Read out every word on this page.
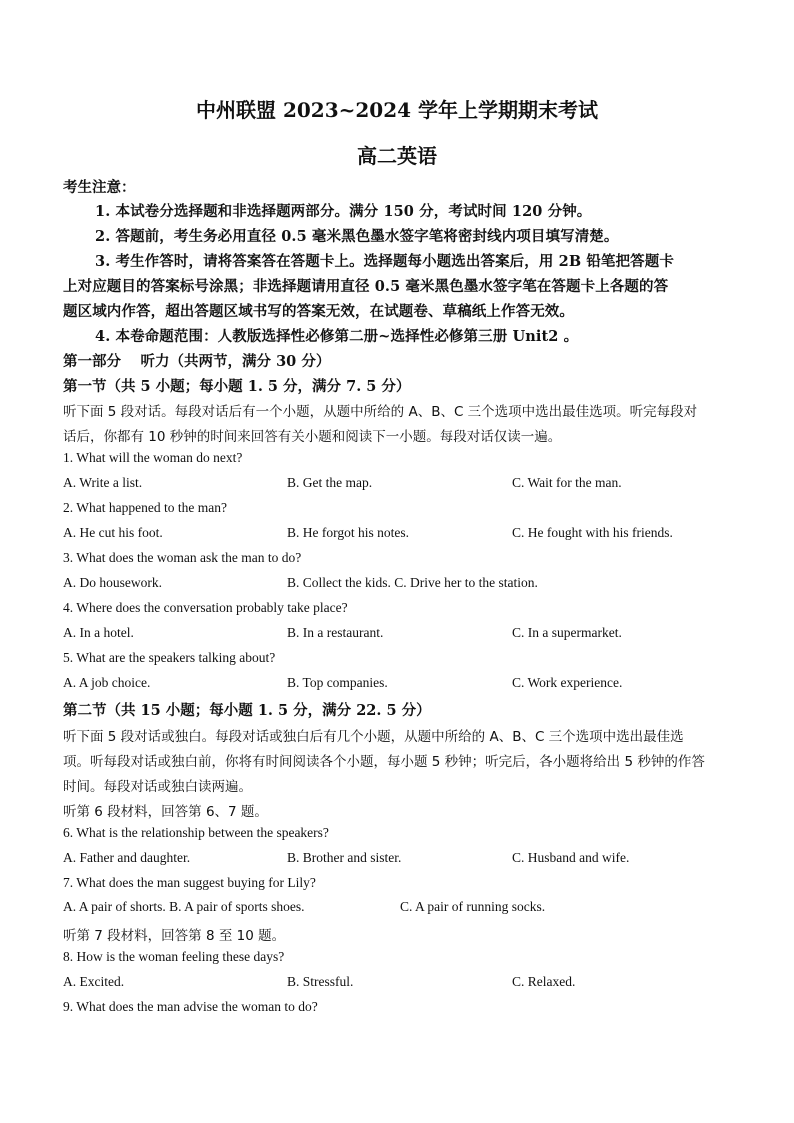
中州联盟 2023~2024 学年上学期期末考试
高二英语
考生注意：
1. 本试卷分选择题和非选择题两部分。满分 150 分，考试时间 120 分钟。
2. 答题前，考生务必用直径 0.5 毫米黑色墨水签字笔将密封线内项目填写清楚。
3. 考生作答时，请将答案答在答题卡上。选择题每小题选出答案后，用 2B 铅笔把答题卡
上对应题目的答案标号涂黑；非选择题请用直径 0.5 毫米黑色墨水签字笔在答题卡上各题的答
题区域内作答，超出答题区域书写的答案无效，在试题卷、草稿纸上作答无效。
4. 本卷命题范围：人教版选择性必修第二册~选择性必修第三册 Unit2 。
第一部分　 听力（共两节，满分 30 分）
第一节（共 5 小题；每小题 1. 5 分，满分 7. 5 分）
听下面 5 段对话。每段对话后有一个小题，从题中所给的 A、B、C 三个选项中选出最佳选项。听完每段对
话后，你都有 10 秒钟的时间来回答有关小题和阅读下一小题。每段对话仅读一遍。
1. What will the woman do next?
A. Write a list.	B. Get the map.	C. Wait for the man.
2. What happened to the man?
A. He cut his foot.	B. He forgot his notes.	C. He fought with his friends.
3. What does the woman ask the man to do?
A. Do housework.	B. Collect the kids. C. Drive her to the station.
4. Where does the conversation probably take place?
A. In a hotel.	B. In a restaurant.	C. In a supermarket.
5. What are the speakers talking about?
A. A job choice.	B. Top companies.	C. Work experience.
第二节（共 15 小题；每小题 1. 5 分，满分 22. 5 分）
听下面 5 段对话或独白。每段对话或独白后有几个小题，从题中所给的 A、B、C 三个选项中选出最佳选
项。听每段对话或独白前，你将有时间阅读各个小题，每小题 5 秒钟；听完后，各小题将给出 5 秒钟的作答
时间。每段对话或独白读两遍。
听第 6 段材料，回答第 6、7 题。
6. What is the relationship between the speakers?
A. Father and daughter.	B. Brother and sister.	C. Husband and wife.
7. What does the man suggest buying for Lily?
A. A pair of shorts. B. A pair of sports shoes.	C. A pair of running socks.
听第 7 段材料，回答第 8 至 10 题。
8. How is the woman feeling these days?
A. Excited.	B. Stressful.	C. Relaxed.
9. What does the man advise the woman to do?
